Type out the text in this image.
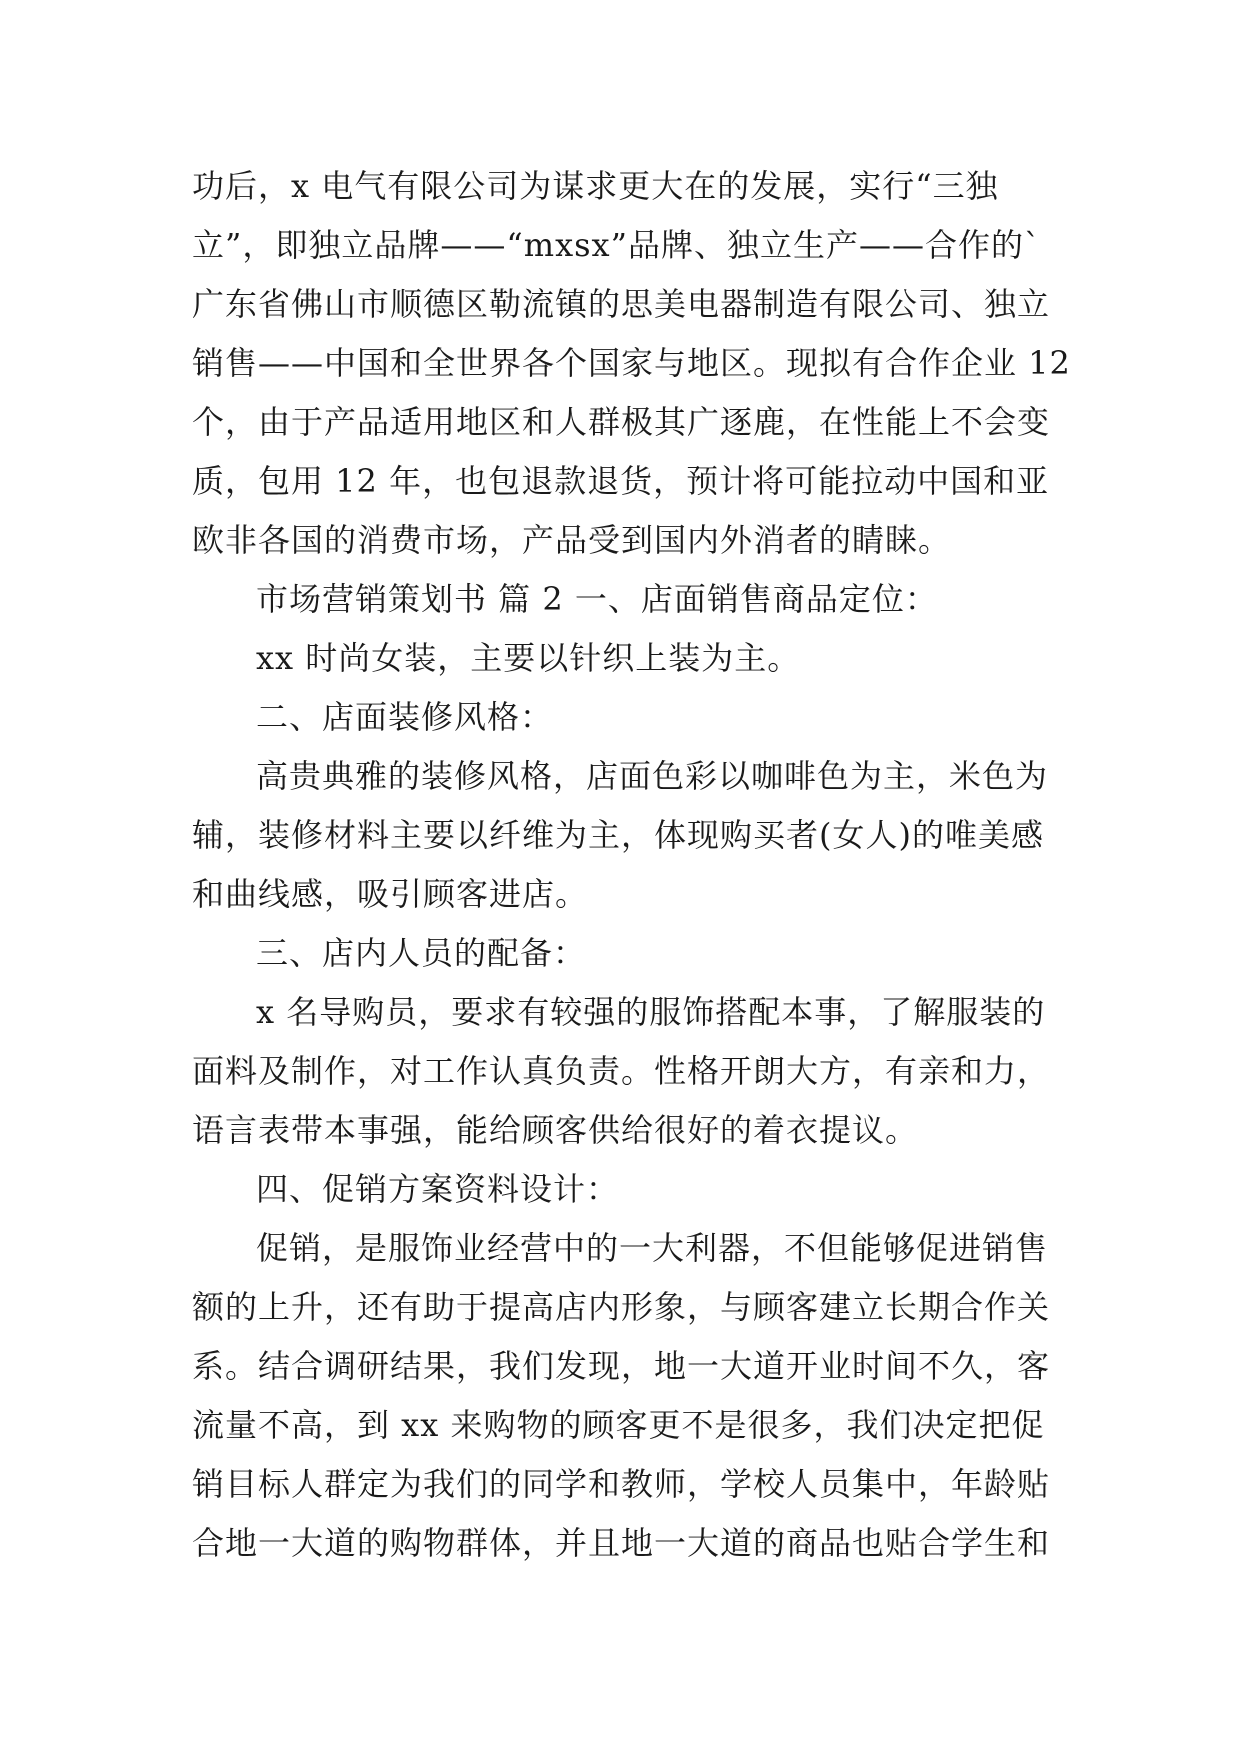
功后，x 电气有限公司为谋求更大在的发展，实行“三独
立”，即独立品牌——“mxsx”品牌、独立生产——合作的`
广东省佛山市顺德区勒流镇的思美电器制造有限公司、独立
销售——中国和全世界各个国家与地区。现拟有合作企业 12
个，由于产品适用地区和人群极其广逐鹿，在性能上不会变
质，包用 12 年，也包退款退货，预计将可能拉动中国和亚
欧非各国的消费市场，产品受到国内外消者的睛睐。
市场营销策划书 篇 2 一、店面销售商品定位：
xx 时尚女装，主要以针织上装为主。
二、店面装修风格：
高贵典雅的装修风格，店面色彩以咖啡色为主，米色为
辅，装修材料主要以纤维为主，体现购买者(女人)的唯美感
和曲线感，吸引顾客进店。
三、店内人员的配备：
x 名导购员，要求有较强的服饰搭配本事，了解服装的
面料及制作，对工作认真负责。性格开朗大方，有亲和力，
语言表带本事强，能给顾客供给很好的着衣提议。
四、促销方案资料设计：
促销，是服饰业经营中的一大利器，不但能够促进销售
额的上升，还有助于提高店内形象，与顾客建立长期合作关
系。结合调研结果，我们发现，地一大道开业时间不久，客
流量不高，到 xx 来购物的顾客更不是很多，我们决定把促
销目标人群定为我们的同学和教师，学校人员集中，年龄贴
合地一大道的购物群体，并且地一大道的商品也贴合学生和
